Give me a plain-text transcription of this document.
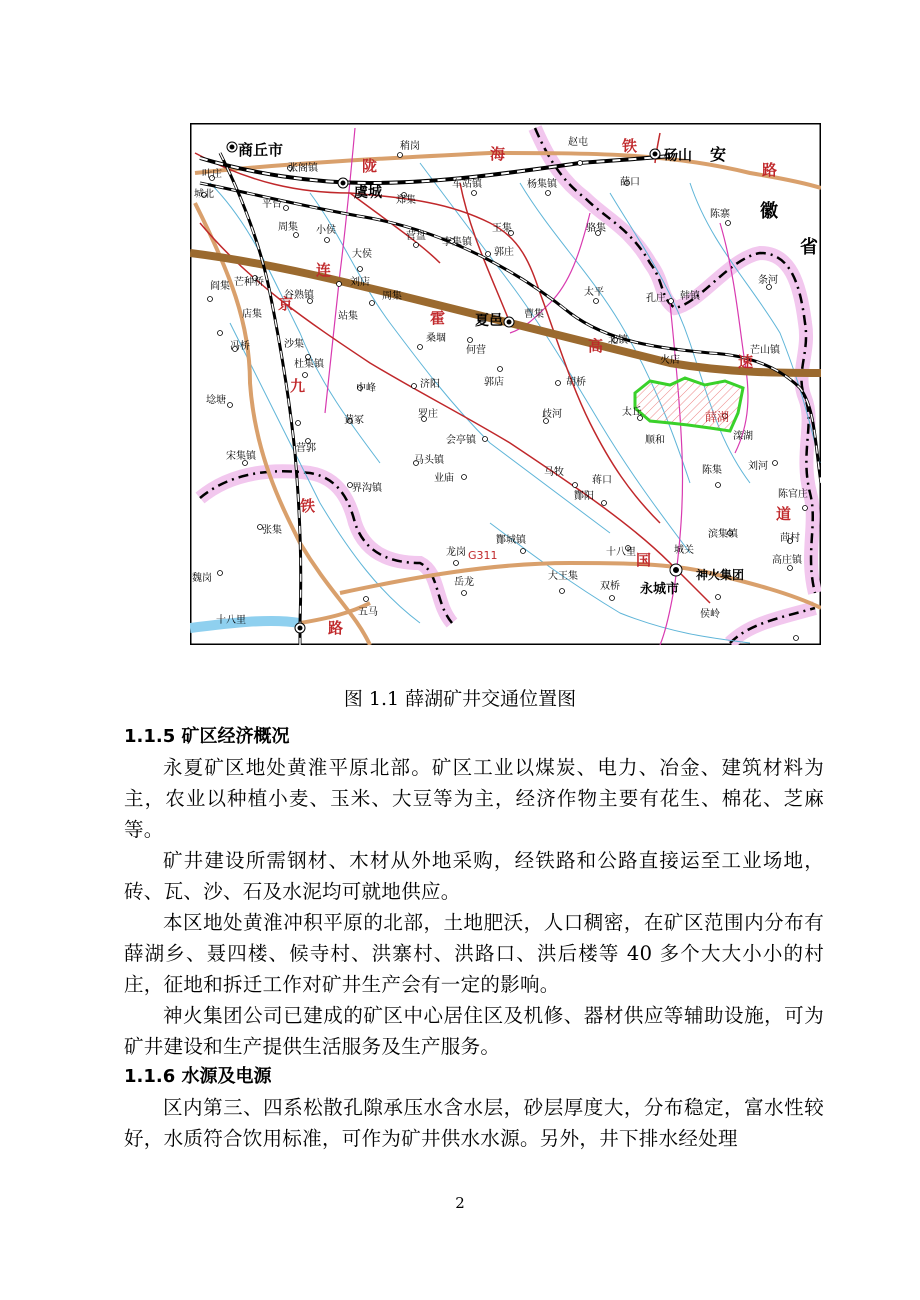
商丘市
张阁镇
叶庄
城北
平台
周集 小侯
虞城 郑集
车站镇	杨集镇
赵屯
薛口
砀山 安
稍岗
王集	骆集
陈寨 徽
省
营盘
李集镇
郭庄
大侯
刘店
芒种桥
谷熟镇	周集	太平
条河
孔庄 韩镇
阎集
店集	站集	夏邑 曹集
北镇
芒山镇
冯桥	沙集
桑堌
何营
火店
杜集镇
中峰	济阳	郭店	胡桥
太丘	薛湖
埝塘
黄冢
罗庄	歧河
顺和	滦湖
宋集镇
营郭
会亭镇
马头镇
业庙
马牧	陈集	刘河
界沟镇
蒋口
酇阳	陈官庄
张集
龙岗
酇城镇
十八里	城关
滨集镇	茴村
高庄镇
魏岗	岳龙
大王集
双桥 永城市
神火集团
侯岭
十八里
五马
G311
陇
海	铁
路
连
霍
高
速
京
九
铁
路
道
国
图 1.1 薛湖矿井交通位置图
1.1.5 矿区经济概况

永夏矿区地处黄淮平原北部。矿区工业以煤炭、电力、冶金、建筑材料为主，农业以种植小麦、玉米、大豆等为主，经济作物主要有花生、棉花、芝麻等。

矿井建设所需钢材、木材从外地采购，经铁路和公路直接运至工业场地，砖、瓦、沙、石及水泥均可就地供应。

本区地处黄淮冲积平原的北部，土地肥沃，人口稠密，在矿区范围内分布有薛湖乡、聂四楼、候寺村、洪寨村、洪路口、洪后楼等 40 多个大大小小的村庄，征地和拆迁工作对矿井生产会有一定的影响。

神火集团公司已建成的矿区中心居住区及机修、器材供应等辅助设施，可为矿井建设和生产提供生活服务及生产服务。

1.1.6 水源及电源

区内第三、四系松散孔隙承压水含水层，砂层厚度大，分布稳定，富水性较好，水质符合饮用标准，可作为矿井供水水源。另外，井下排水经处理

2
